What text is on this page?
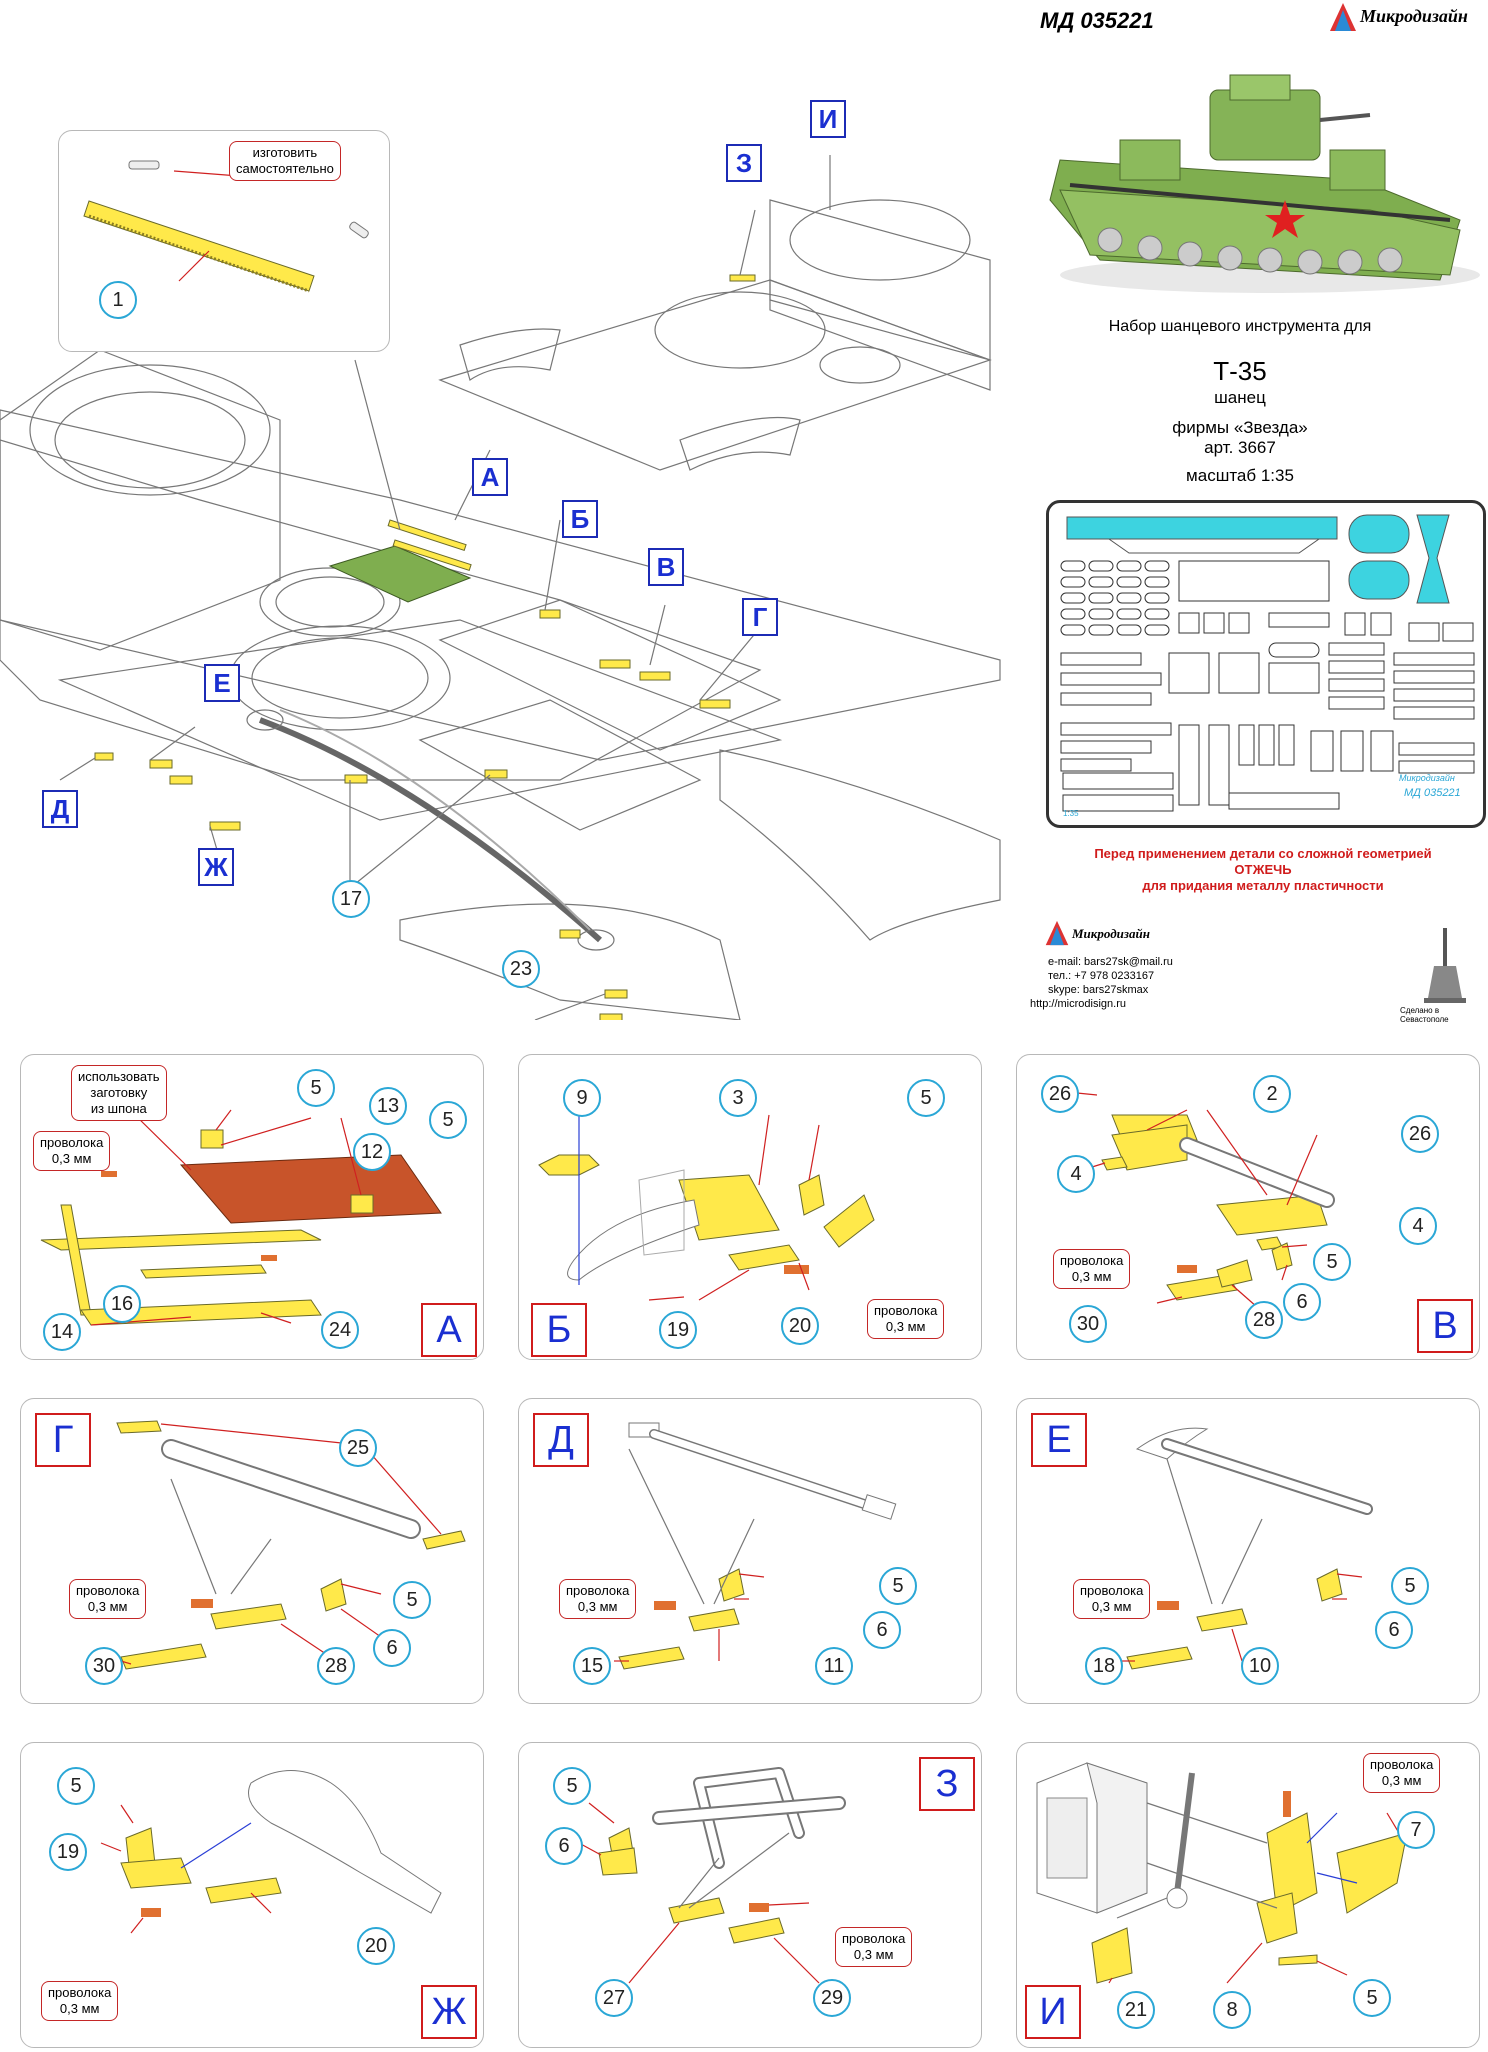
МД 035221	Микродизайн
Набор шанцевого инструмента для
Т-35
шанец
фирмы «Звезда»
арт. 3667
масштаб 1:35
Микродизайн
МД 035221
1:35
Перед применением детали со сложной геометрией
ОТЖЕЧЬ
для придания металлу пластичности
Микродизайн
e-mail: bars27sk@mail.ru
тел.: +7 978 0233167
skype: bars27skmax
http://microdisign.ru
Сделано в Севастополе
изготовить
самостоятельно
1
И
З
А
Б
В
Г
Е
Д
Ж
17
23
использовать
заготовку
из шпона
проволока
0,3 мм
5
13
12
5
16
14	24	А	проволока
0,3 мм
9	3	5
19	20
Б
проволока
0,3 мм
26	2
26
4
4
5
6
28
30	В
проволока
0,3 мм
25
5
6
28
30
Г
проволока
0,3 мм
5
6
11
15
Д
проволока
0,3 мм
5
6
10
18
Е
проволока
0,3 мм
5
19
20
Ж
проволока
0,3 мм
5
6
27	29
З	проволока
0,3 мм
7
21	8
5
И
